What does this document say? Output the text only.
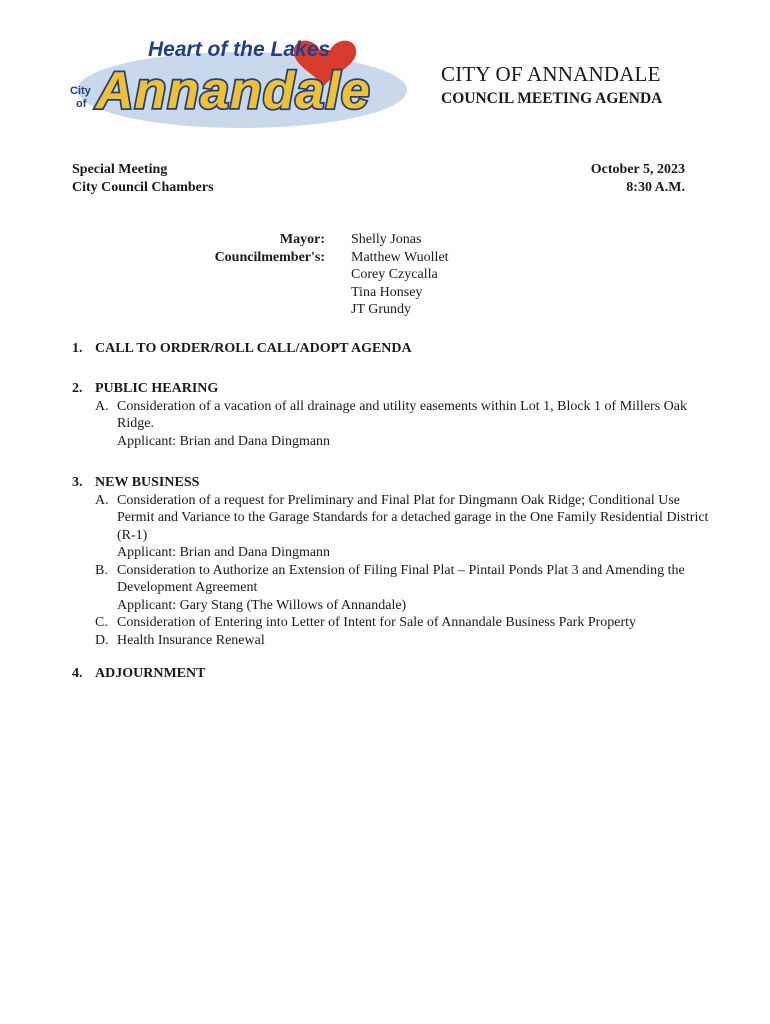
Heart of the Lakes
City of Annandale	CITY OF ANNANDALE
COUNCIL MEETING AGENDA
Special Meeting
City Council Chambers
October 5, 2023
8:30 A.M.
Mayor:
Councilmember's:
Shelly Jonas
Matthew Wuollet
Corey Czycalla
Tina Honsey
JT Grundy
1. CALL TO ORDER/ROLL CALL/ADOPT AGENDA
2. PUBLIC HEARING
A. Consideration of a vacation of all drainage and utility easements within Lot 1, Block 1 of Millers Oak Ridge.
Applicant: Brian and Dana Dingmann
3. NEW BUSINESS
A. Consideration of a request for Preliminary and Final Plat for Dingmann Oak Ridge; Conditional Use Permit and Variance to the Garage Standards for a detached garage in the One Family Residential District (R-1)
Applicant: Brian and Dana Dingmann
B. Consideration to Authorize an Extension of Filing Final Plat – Pintail Ponds Plat 3 and Amending the Development Agreement
Applicant: Gary Stang (The Willows of Annandale)
C. Consideration of Entering into Letter of Intent for Sale of Annandale Business Park Property
D. Health Insurance Renewal
4. ADJOURNMENT
